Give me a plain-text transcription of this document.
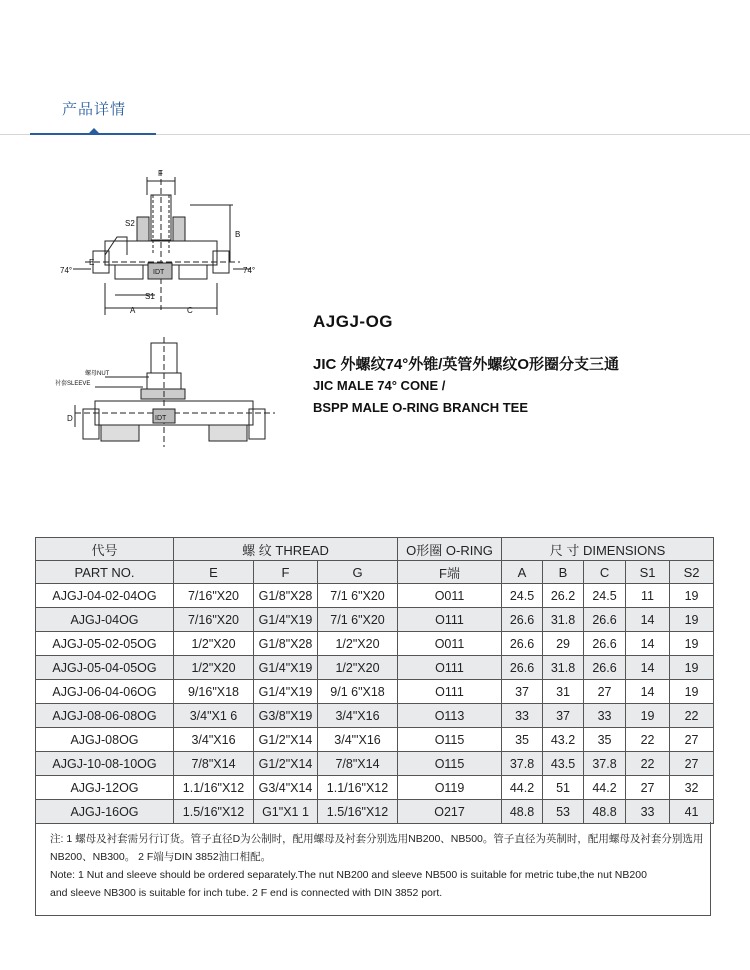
产品详情
F
S2
B
IDT
74°	74°
S1
A	C
E
螺母NUT
衬套SLEEVE
IDT
D
AJGJ-OG
JIC 外螺纹74°外锥/英管外螺纹O形圈分支三通
JIC MALE 74° CONE /
BSPP MALE O-RING BRANCH TEE
代号	螺 纹 THREAD			O形圈 O-RING	尺 寸 DIMENSIONS				
PART NO.	E	F	G	F端	A	B	C	S1	S2
AJGJ-04-02-04OG	7/16"X20	G1/8"X28	7/1 6"X20	O011	24.5	26.2	24.5	11	19
AJGJ-04OG	7/16"X20	G1/4"X19	7/1 6"X20	O111	26.6	31.8	26.6	14	19
AJGJ-05-02-05OG	1/2"X20	G1/8"X28	1/2"X20	O011	26.6	29	26.6	14	19
AJGJ-05-04-05OG	1/2"X20	G1/4"X19	1/2"X20	O111	26.6	31.8	26.6	14	19
AJGJ-06-04-06OG	9/16"X18	G1/4"X19	9/1 6"X18	O111	37	31	27	14	19
AJGJ-08-06-08OG	3/4"X1 6	G3/8"X19	3/4"X16	O113	33	37	33	19	22
AJGJ-08OG	3/4"X16	G1/2"X14	3/4"'X16	O115	35	43.2	35	22	27
AJGJ-10-08-10OG	7/8"X14	G1/2"X14	7/8"X14	O115	37.8	43.5	37.8	22	27
AJGJ-12OG	1.1/16"X12	G3/4"X14	1.1/16"X12	O119	44.2	51	44.2	27	32
AJGJ-16OG	1.5/16"X12	G1"X1 1	1.5/16"X12	O217	48.8	53	48.8	33	41
注: 1 螺母及衬套需另行订货。管子直径D为公制时，配用螺母及衬套分别选用NB200、NB500。管子直径为英制时，配用螺母及衬套分别选用
NB200、NB300。 2 F端与DIN 3852油口相配。
Note: 1 Nut and sleeve should be ordered separately.The nut NB200 and sleeve NB500 is suitable for metric tube,the nut NB200
and sleeve NB300 is suitable for inch tube. 2 F end is connected with DIN 3852 port.
